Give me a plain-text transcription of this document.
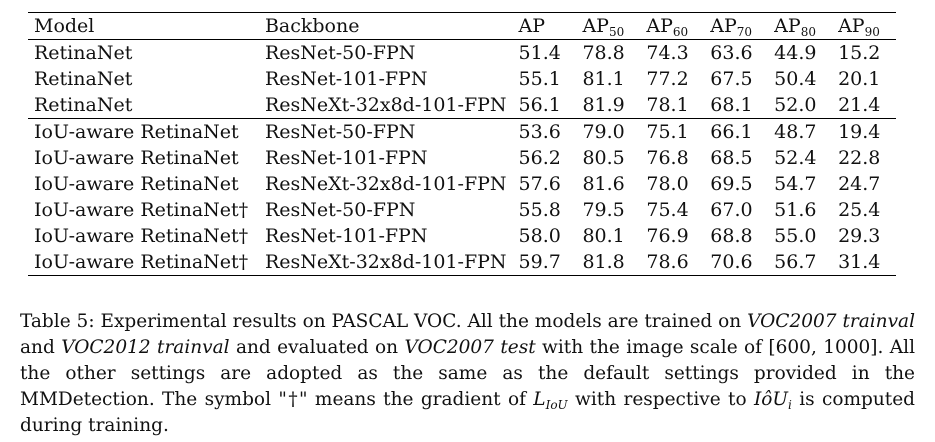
Model	Backbone	AP	$AP_{50}$	$AP_{60}$	$AP_{70}$	$AP_{80}$	$AP_{90}$
RetinaNet	ResNet-50-FPN	51.4	78.8	74.3	63.6	44.9	15.2
RetinaNet	ResNet-101-FPN	55.1	81.1	77.2	67.5	50.4	20.1
RetinaNet	ResNeXt-32x8d-101-FPN	56.1	81.9	78.1	68.1	52.0	21.4
IoU-aware RetinaNet	ResNet-50-FPN	53.6	79.0	75.1	66.1	48.7	19.4
IoU-aware RetinaNet	ResNet-101-FPN	56.2	80.5	76.8	68.5	52.4	22.8
IoU-aware RetinaNet	ResNeXt-32x8d-101-FPN	57.6	81.6	78.0	69.5	54.7	24.7
IoU-aware RetinaNet†	ResNet-50-FPN	55.8	79.5	75.4	67.0	51.6	25.4
IoU-aware RetinaNet†	ResNet-101-FPN	58.0	80.1	76.9	68.8	55.0	29.3
IoU-aware RetinaNet†	ResNeXt-32x8d-101-FPN	59.7	81.8	78.6	70.6	56.7	31.4

Table 5: Experimental results on PASCAL VOC. All the models are trained on VOC2007 trainval and VOC2012 trainval and evaluated on VOC2007 test with the image scale of [600, 1000]. All the other settings are adopted as the same as the default settings provided in the MMDetection. The symbol "†" means the gradient of $L_{IoU}$ with respective to IôU$_i$ is computed during training.
